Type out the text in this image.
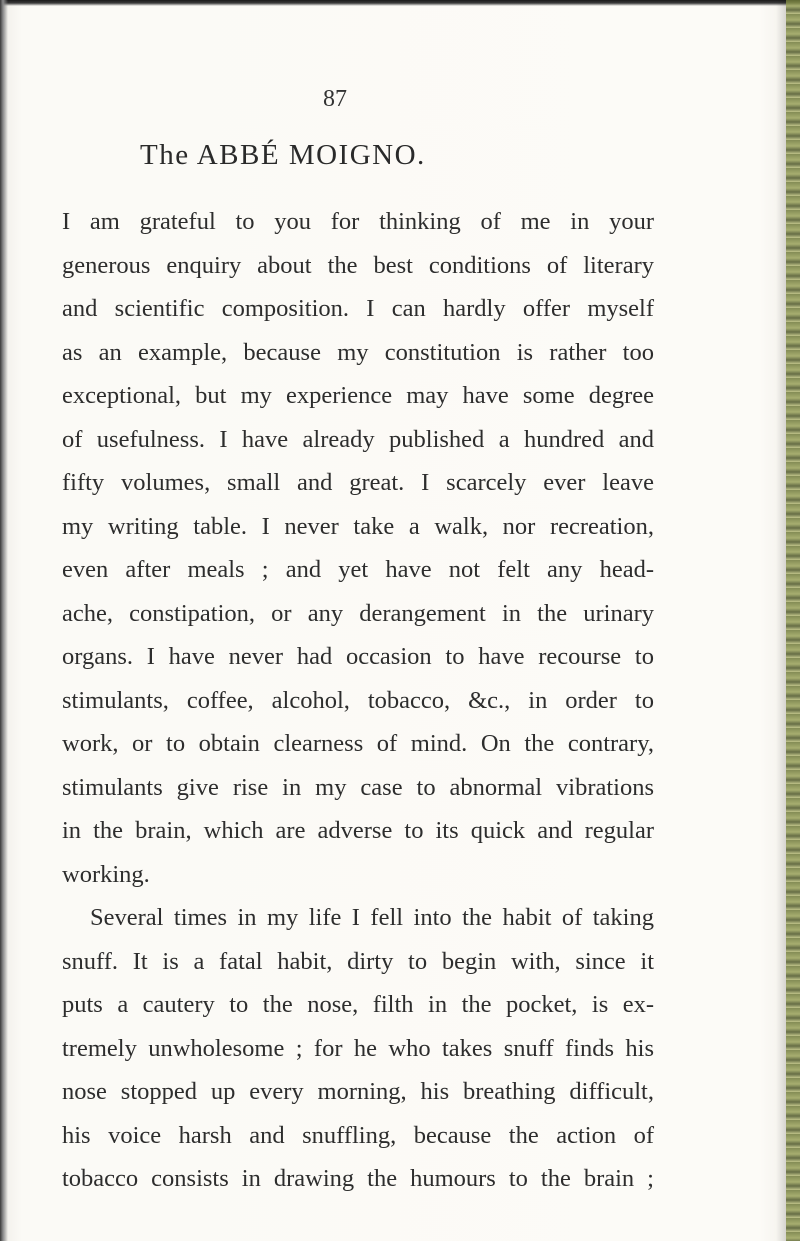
87
The ABBÉ MOIGNO.
I am grateful to you for thinking of me in your
generous enquiry about the best conditions of literary
and scientific composition. I can hardly offer myself
as an example, because my constitution is rather too
exceptional, but my experience may have some degree
of usefulness. I have already published a hundred and
fifty volumes, small and great. I scarcely ever leave
my writing table. I never take a walk, nor recreation,
even after meals ; and yet have not felt any head-
ache, constipation, or any derangement in the urinary
organs. I have never had occasion to have recourse to
stimulants, coffee, alcohol, tobacco, &c., in order to
work, or to obtain clearness of mind. On the contrary,
stimulants give rise in my case to abnormal vibrations
in the brain, which are adverse to its quick and regular
working.
Several times in my life I fell into the habit of taking
snuff. It is a fatal habit, dirty to begin with, since it
puts a cautery to the nose, filth in the pocket, is ex-
tremely unwholesome ; for he who takes snuff finds his
nose stopped up every morning, his breathing difficult,
his voice harsh and snuffling, because the action of
tobacco consists in drawing the humours to the brain ;
